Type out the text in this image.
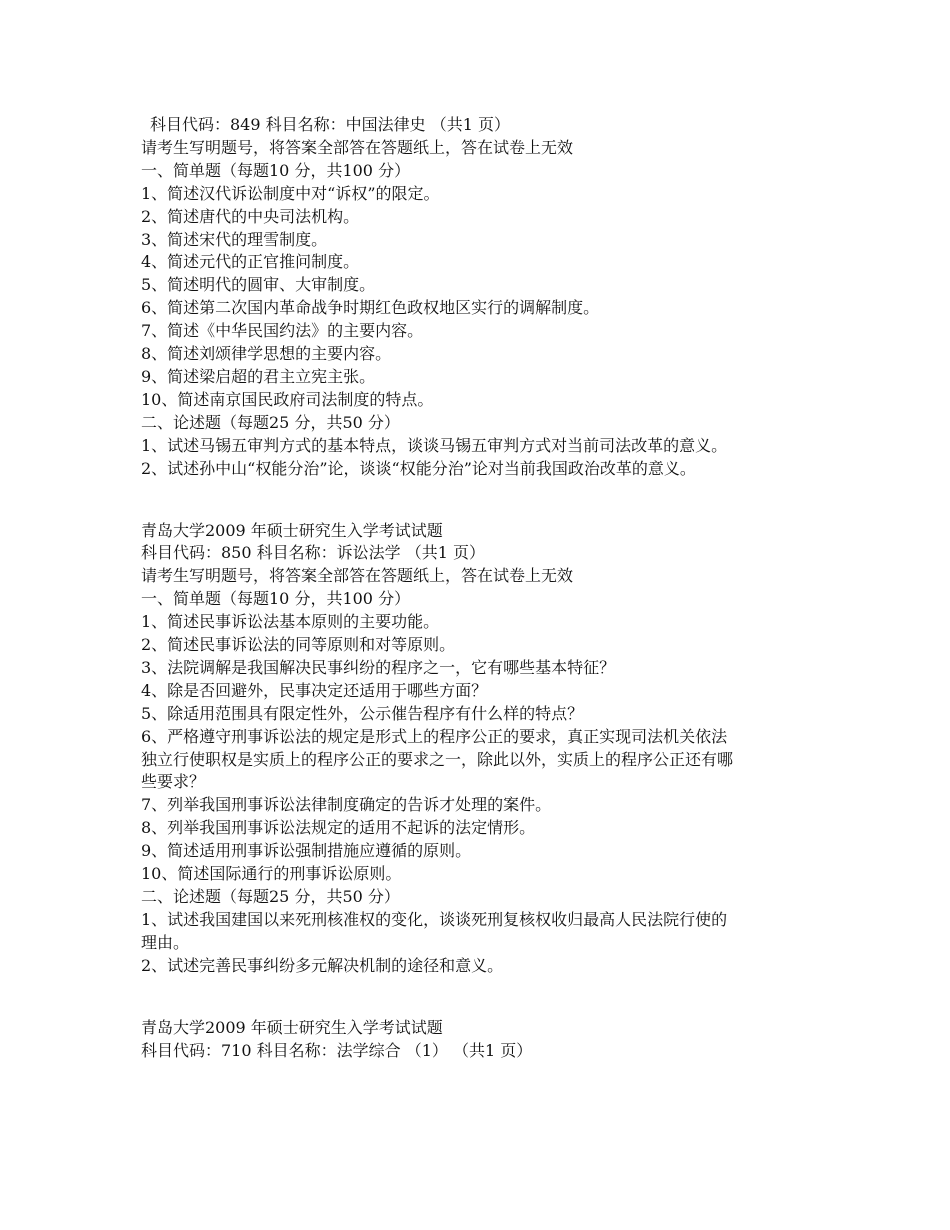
科目代码：849 科目名称：中国法律史 （共1 页）

请考生写明题号，将答案全部答在答题纸上，答在试卷上无效

一、简单题（每题10 分，共100 分）

1、简述汉代诉讼制度中对“诉权”的限定。

2、简述唐代的中央司法机构。

3、简述宋代的理雪制度。

4、简述元代的正官推问制度。

5、简述明代的圆审、大审制度。

6、简述第二次国内革命战争时期红色政权地区实行的调解制度。

7、简述《中华民国约法》的主要内容。

8、简述刘颂律学思想的主要内容。

9、简述梁启超的君主立宪主张。

10、简述南京国民政府司法制度的特点。

二、论述题（每题25 分，共50 分）

1、试述马锡五审判方式的基本特点，谈谈马锡五审判方式对当前司法改革的意义。

2、试述孙中山“权能分治”论，谈谈“权能分治”论对当前我国政治改革的意义。

青岛大学2009 年硕士研究生入学考试试题

科目代码：850 科目名称：诉讼法学 （共1 页）

请考生写明题号，将答案全部答在答题纸上，答在试卷上无效

一、简单题（每题10 分，共100 分）

1、简述民事诉讼法基本原则的主要功能。

2、简述民事诉讼法的同等原则和对等原则。

3、法院调解是我国解决民事纠纷的程序之一，它有哪些基本特征？

4、除是否回避外，民事决定还适用于哪些方面？

5、除适用范围具有限定性外，公示催告程序有什么样的特点？

6、严格遵守刑事诉讼法的规定是形式上的程序公正的要求，真正实现司法机关依法独立行使职权是实质上的程序公正的要求之一，除此以外，实质上的程序公正还有哪些要求？

7、列举我国刑事诉讼法律制度确定的告诉才处理的案件。

8、列举我国刑事诉讼法规定的适用不起诉的法定情形。

9、简述适用刑事诉讼强制措施应遵循的原则。

10、简述国际通行的刑事诉讼原则。

二、论述题（每题25 分，共50 分）

1、试述我国建国以来死刑核准权的变化，谈谈死刑复核权收归最高人民法院行使的理由。

2、试述完善民事纠纷多元解决机制的途径和意义。

青岛大学2009 年硕士研究生入学考试试题

科目代码：710 科目名称：法学综合 （1） （共1 页）
